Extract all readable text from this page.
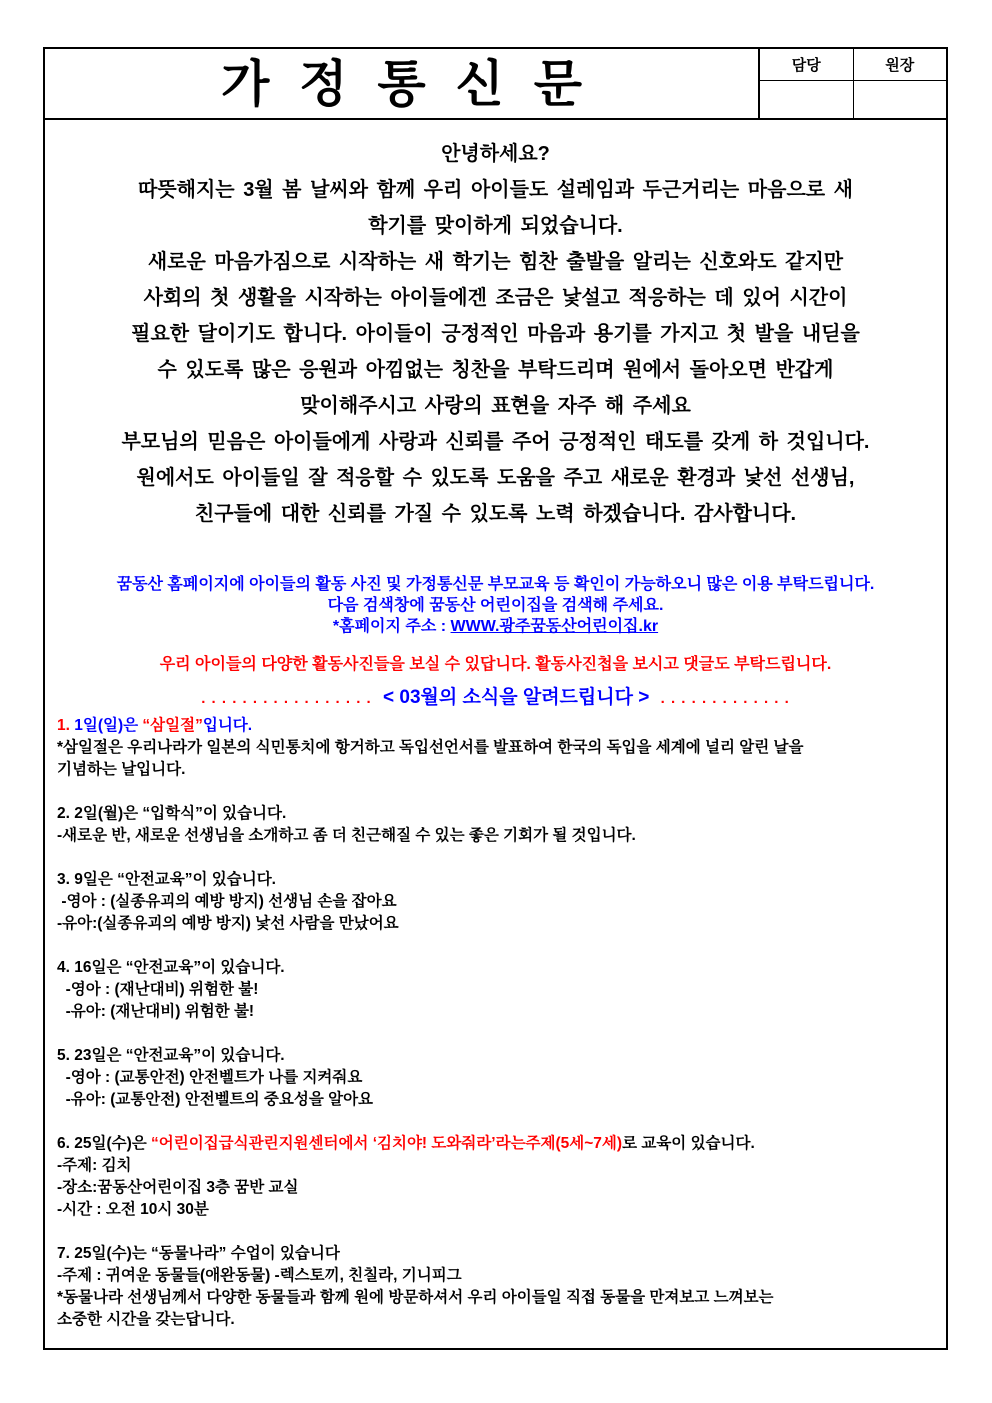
가 정 통 신 문	담당	원장
안녕하세요?
따뜻해지는 3월 봄 날씨와 함께 우리 아이들도 설레임과 두근거리는 마음으로 새
학기를 맞이하게 되었습니다.
새로운 마음가짐으로 시작하는 새 학기는 힘찬 출발을 알리는 신호와도 같지만
사회의 첫 생활을 시작하는 아이들에겐 조금은 낯설고 적응하는 데 있어 시간이
필요한 달이기도 합니다. 아이들이 긍정적인 마음과 용기를 가지고 첫 발을 내딛을
수 있도록 많은 응원과 아낌없는 칭찬을 부탁드리며 원에서 돌아오면 반갑게
맞이해주시고 사랑의 표현을 자주 해 주세요
부모님의 믿음은 아이들에게 사랑과 신뢰를 주어 긍정적인 태도를 갖게 하 것입니다.
원에서도 아이들일 잘 적응할 수 있도록 도움을 주고 새로운 환경과 낯선 선생님,
친구들에 대한 신뢰를 가질 수 있도록 노력 하겠습니다. 감사합니다.
꿈동산 홈페이지에 아이들의 활동 사진 및 가정통신문 부모교육 등 확인이 가능하오니 많은 이용 부탁드립니다.
다음 검색창에 꿈동산 어린이집을 검색해 주세요.
*홈페이지 주소 : WWW.광주꿈동산어린이집.kr
우리 아이들의 다양한 활동사진들을 보실 수 있답니다. 활동사진첩을 보시고 댓글도 부탁드립니다.
. . . . . . . . . . . . . . . . . < 03월의 소식을 알려드립니다 > . . . . . . . . . . . . .
1. 1일(일)은 “삼일절”입니다.
*삼일절은 우리나라가 일본의 식민통치에 항거하고 독입선언서를 발표하여 한국의 독입을 세계에 널리 알린 날을
기념하는 날입니다.
2. 2일(월)은 “입학식”이 있습니다.
-새로운 반, 새로운 선생님을 소개하고 좀 더 친근해질 수 있는 좋은 기회가 될 것입니다.
3. 9일은 “안전교육”이 있습니다.
-영아 : (실종유괴의 예방 방지) 선생님 손을 잡아요
-유아:(실종유괴의 예방 방지) 낯선 사람을 만났어요
4. 16일은 “안전교육”이 있습니다.
-영아 : (재난대비) 위험한 불!
-유아: (재난대비) 위험한 불!
5. 23일은 “안전교육”이 있습니다.
-영아 : (교통안전) 안전벨트가 나를 지켜줘요
-유아: (교통안전) 안전벨트의 중요성을 알아요
6. 25일(수)은 “어린이집급식관린지원센터에서 ‘김치야! 도와줘라’라는주제(5세~7세)로 교육이 있습니다.
-주제: 김치
-장소:꿈동산어린이집 3층 꿈반 교실
-시간 : 오전 10시 30분
7. 25일(수)는 “동물나라” 수업이 있습니다
-주제 : 귀여운 동물들(애완동물) -렉스토끼, 친칠라, 기니피그
*동물나라 선생님께서 다양한 동물들과 함께 원에 방문하셔서 우리 아이들일 직접 동물을 만져보고 느껴보는
소중한 시간을 갖는답니다.
